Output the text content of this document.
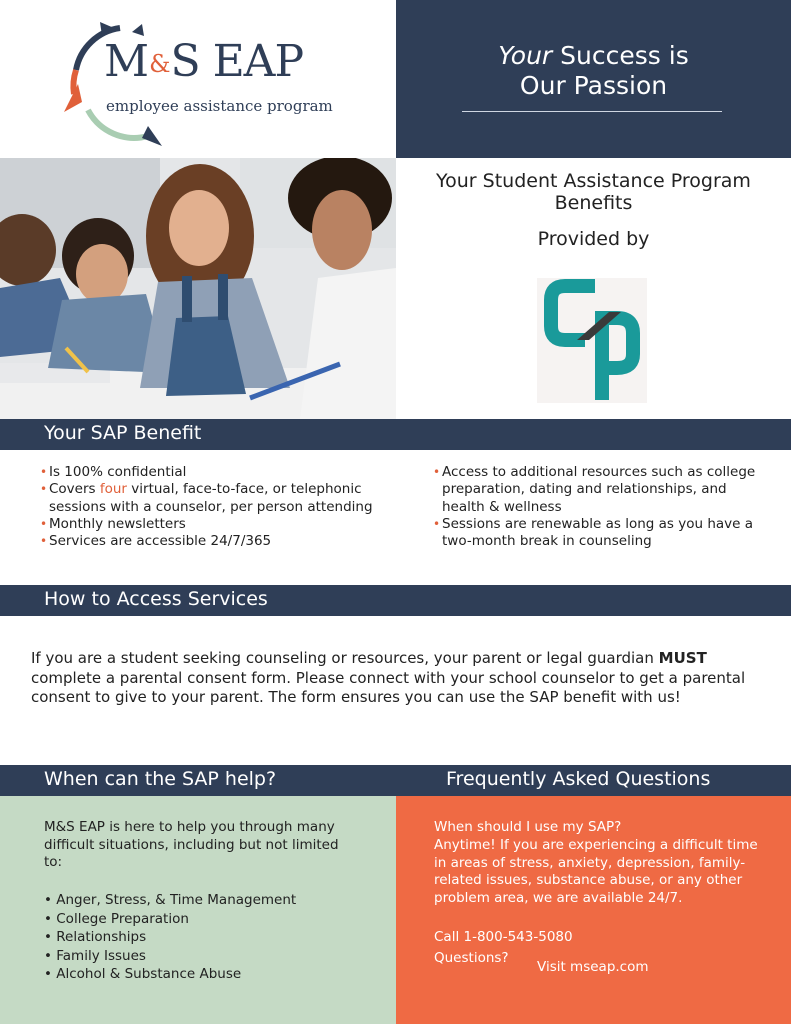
M&S EAP
employee assistance program
Your Success is
Our Passion
Your Student Assistance Program Benefits
Provided by
Your SAP Benefit
• Is 100% confidential
• Covers four virtual, face-to-face, or telephonic sessions with a counselor, per person attending
• Monthly newsletters
• Services are accessible 24/7/365
• Access to additional resources such as college preparation, dating and relationships, and health & wellness
• Sessions are renewable as long as you have a two-month break in counseling
How to Access Services
If you are a student seeking counseling or resources, your parent or legal guardian MUST complete a parental consent form. Please connect with your school counselor to get a parental consent to give to your parent. The form ensures you can use the SAP benefit with us!
When can the SAP help?	Frequently Asked Questions
M&S EAP is here to help you through many difficult situations, including but not limited to:
• Anger, Stress, & Time Management
• College Preparation
• Relationships
• Family Issues
• Alcohol & Substance Abuse
When should I use my SAP?
Anytime! If you are experiencing a difficult time in areas of stress, anxiety, depression, family-related issues, substance abuse, or any other problem area, we are available 24/7.
Call 1-800-543-5080
Questions?
Visit mseap.com
